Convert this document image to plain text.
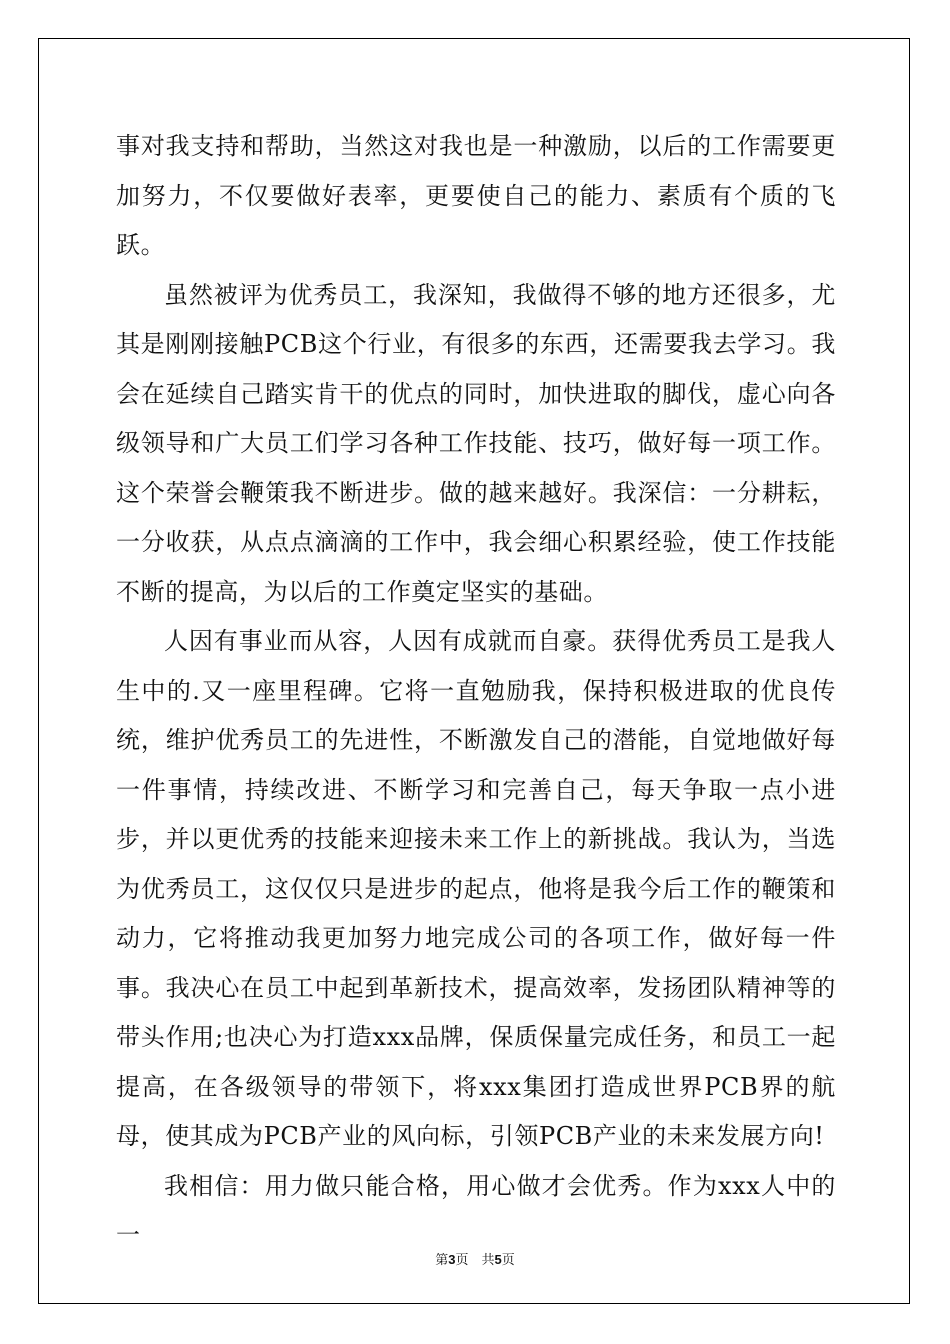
事对我支持和帮助，当然这对我也是一种激励，以后的工作需要更加努力，不仅要做好表率，更要使自己的能力、素质有个质的飞跃。

虽然被评为优秀员工，我深知，我做得不够的地方还很多，尤其是刚刚接触PCB这个行业，有很多的东西，还需要我去学习。我会在延续自己踏实肯干的优点的同时，加快进取的脚伐，虚心向各级领导和广大员工们学习各种工作技能、技巧，做好每一项工作。这个荣誉会鞭策我不断进步。做的越来越好。我深信：一分耕耘，一分收获，从点点滴滴的工作中，我会细心积累经验，使工作技能不断的提高，为以后的工作奠定坚实的基础。

人因有事业而从容，人因有成就而自豪。获得优秀员工是我人生中的.又一座里程碑。它将一直勉励我，保持积极进取的优良传统，维护优秀员工的先进性，不断激发自己的潜能，自觉地做好每一件事情，持续改进、不断学习和完善自己，每天争取一点小进步，并以更优秀的技能来迎接未来工作上的新挑战。我认为，当选为优秀员工，这仅仅只是进步的起点，他将是我今后工作的鞭策和动力，它将推动我更加努力地完成公司的各项工作，做好每一件事。我决心在员工中起到革新技术，提高效率，发扬团队精神等的带头作用;也决心为打造xxx品牌，保质保量完成任务，和员工一起提高，在各级领导的带领下，将xxx集团打造成世界PCB界的航母，使其成为PCB产业的风向标，引领PCB产业的未来发展方向!

我相信：用力做只能合格，用心做才会优秀。作为xxx人中的一

第3页　共5页
